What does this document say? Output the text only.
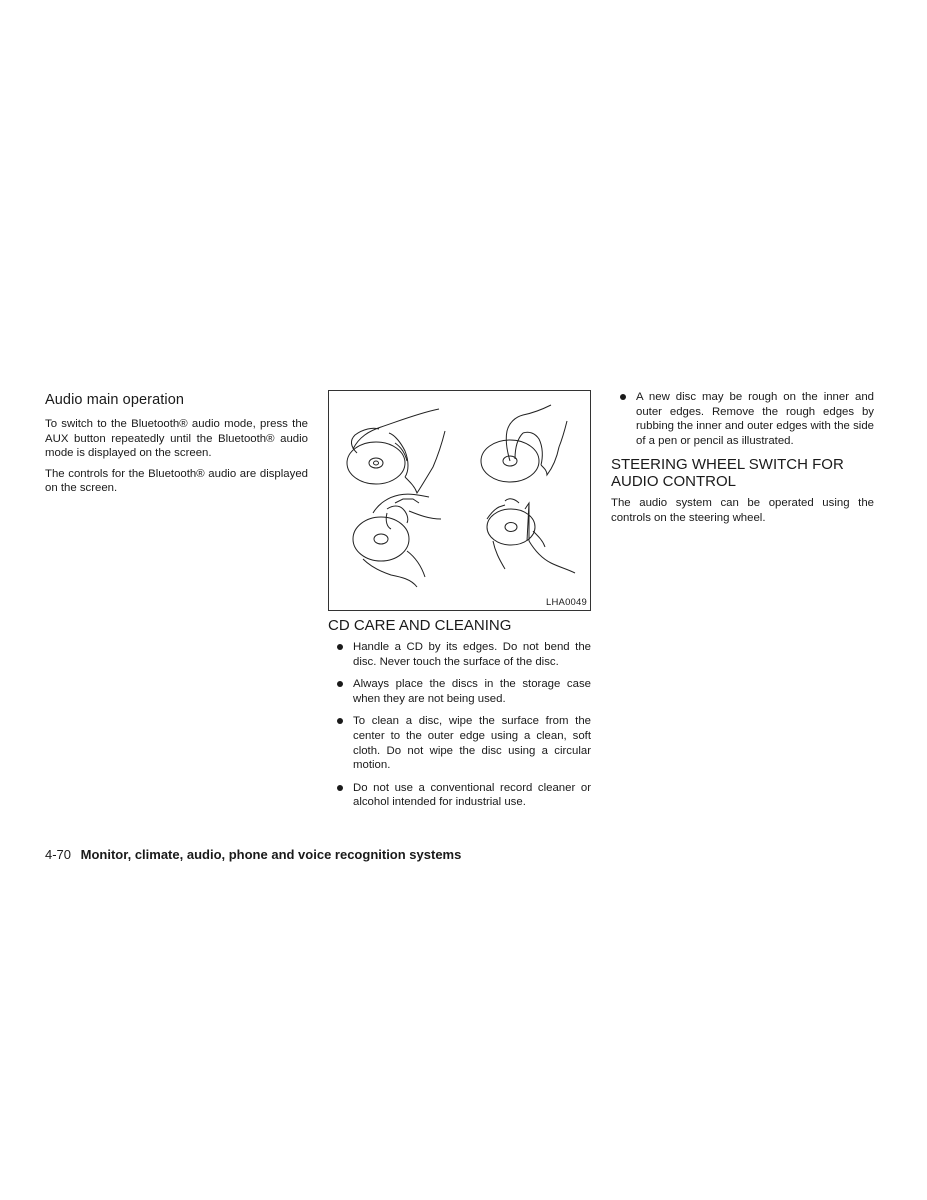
Audio main operation

To switch to the Bluetooth® audio mode, press the AUX button repeatedly until the Bluetooth® audio mode is displayed on the screen.

The controls for the Bluetooth® audio are displayed on the screen.

LHA0049
CD CARE AND CLEANING
Handle a CD by its edges. Do not bend the disc. Never touch the surface of the disc.
Always place the discs in the storage case when they are not being used.
To clean a disc, wipe the surface from the center to the outer edge using a clean, soft cloth. Do not wipe the disc using a circular motion.
Do not use a conventional record cleaner or alcohol intended for industrial use.
A new disc may be rough on the inner and outer edges. Remove the rough edges by rubbing the inner and outer edges with the side of a pen or pencil as illustrated.
STEERING WHEEL SWITCH FOR AUDIO CONTROL

The audio system can be operated using the controls on the steering wheel.

4-70 Monitor, climate, audio, phone and voice recognition systems
